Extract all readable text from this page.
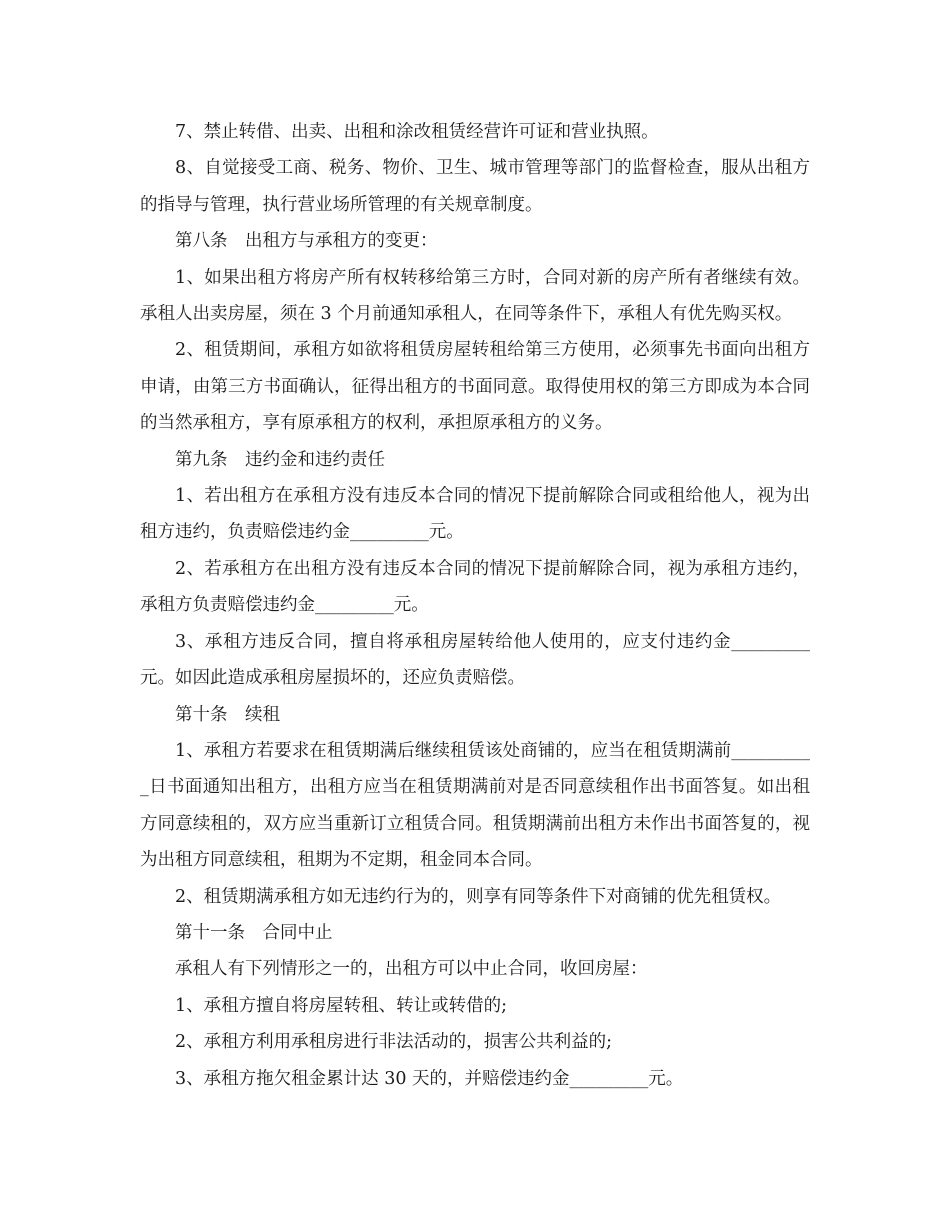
7、禁止转借、出卖、出租和涂改租赁经营许可证和营业执照。

8、自觉接受工商、税务、物价、卫生、城市管理等部门的监督检查，服从出租方的指导与管理，执行营业场所管理的有关规章制度。

第八条　出租方与承租方的变更：

1、如果出租方将房产所有权转移给第三方时，合同对新的房产所有者继续有效。承租人出卖房屋，须在 3 个月前通知承租人，在同等条件下，承租人有优先购买权。

2、租赁期间，承租方如欲将租赁房屋转租给第三方使用，必须事先书面向出租方申请，由第三方书面确认，征得出租方的书面同意。取得使用权的第三方即成为本合同的当然承租方，享有原承租方的权利，承担原承租方的义务。

第九条　违约金和违约责任

1、若出租方在承租方没有违反本合同的情况下提前解除合同或租给他人，视为出租方违约，负责赔偿违约金_________元。

2、若承租方在出租方没有违反本合同的情况下提前解除合同，视为承租方违约，承租方负责赔偿违约金_________元。

3、承租方违反合同，擅自将承租房屋转给他人使用的，应支付违约金_________元。如因此造成承租房屋损坏的，还应负责赔偿。

第十条　续租

1、承租方若要求在租赁期满后继续租赁该处商铺的，应当在租赁期满前__________日书面通知出租方，出租方应当在租赁期满前对是否同意续租作出书面答复。如出租方同意续租的，双方应当重新订立租赁合同。租赁期满前出租方未作出书面答复的，视为出租方同意续租，租期为不定期，租金同本合同。

2、租赁期满承租方如无违约行为的，则享有同等条件下对商铺的优先租赁权。

第十一条　合同中止

承租人有下列情形之一的，出租方可以中止合同，收回房屋：

1、承租方擅自将房屋转租、转让或转借的;

2、承租方利用承租房进行非法活动的，损害公共利益的;

3、承租方拖欠租金累计达 30 天的，并赔偿违约金_________元。
